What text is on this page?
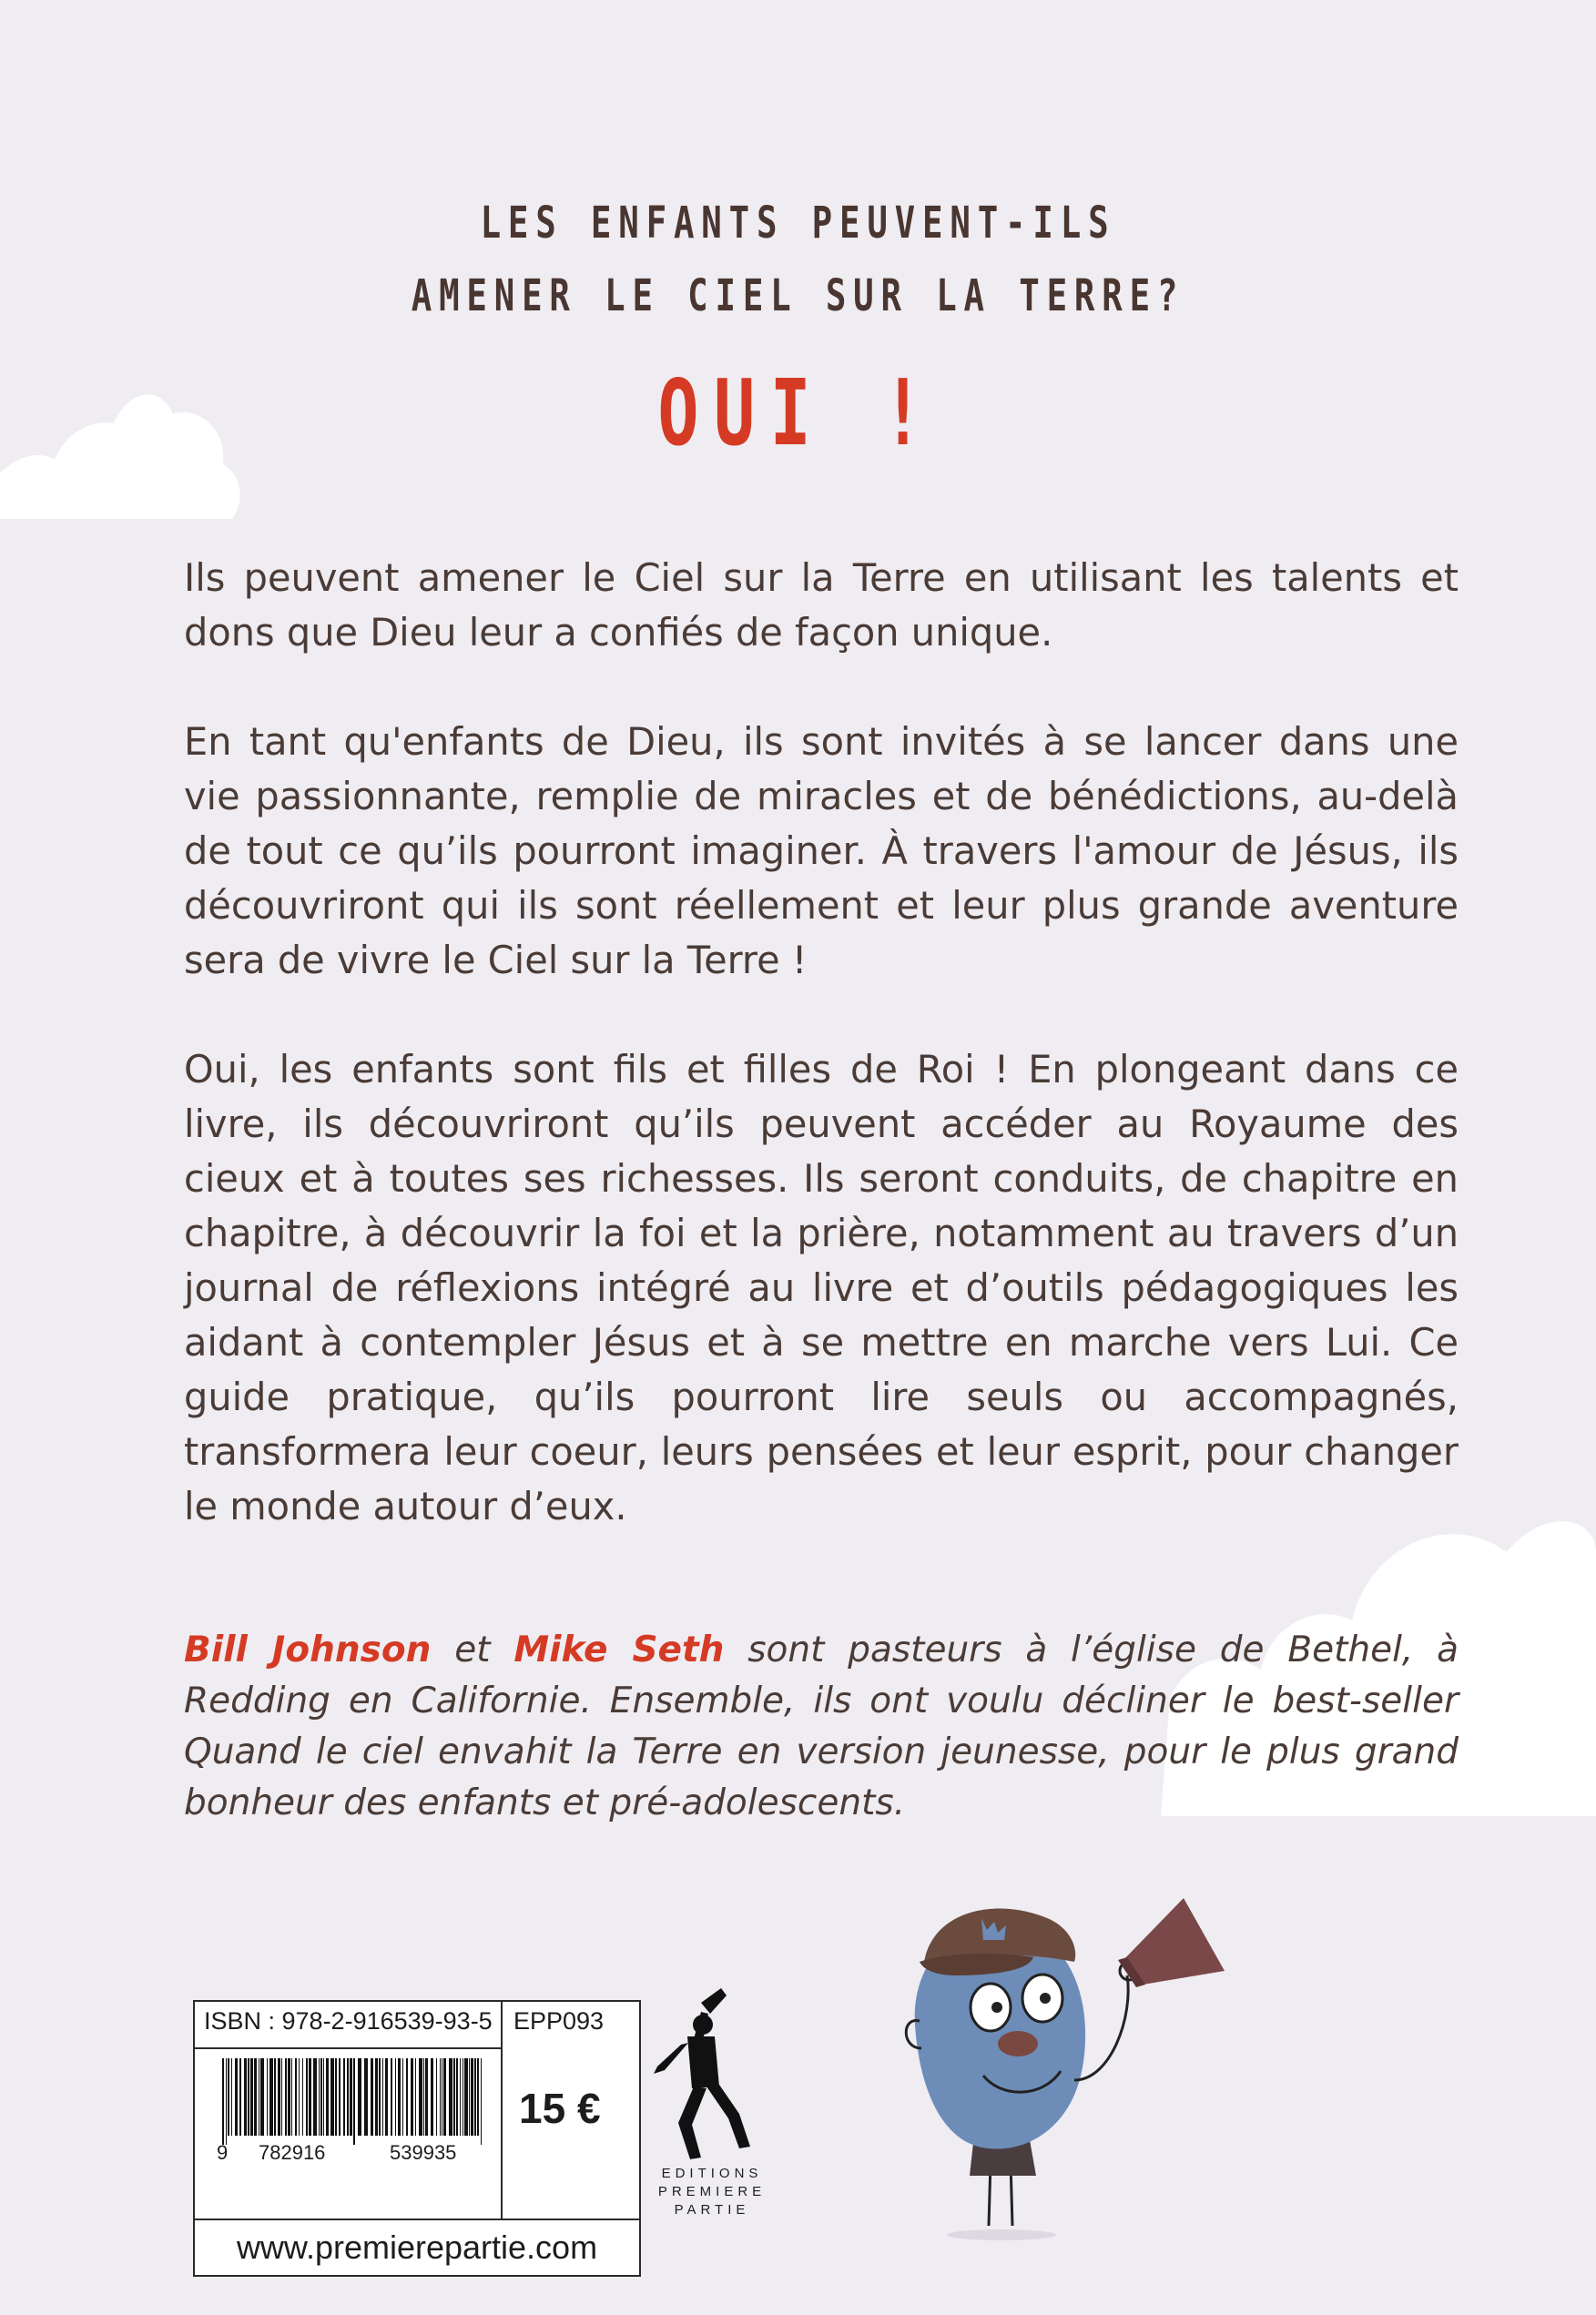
LES ENFANTS PEUVENT-ILS
AMENER LE CIEL SUR LA TERRE?
OUI !

Ils peuvent amener le Ciel sur la Terre en utilisant les talents et dons que Dieu leur a confiés de façon unique.

En tant qu'enfants de Dieu, ils sont invités à se lancer dans une vie passionnante, remplie de miracles et de bénédictions, au-delà de tout ce qu’ils pourront imaginer. À travers l'amour de Jésus, ils découvriront qui ils sont réellement et leur plus grande aventure sera de vivre le Ciel sur la Terre !

Oui, les enfants sont fils et filles de Roi ! En plongeant dans ce livre, ils découvriront qu’ils peuvent accéder au Royaume des cieux et à toutes ses richesses. Ils seront conduits, de chapitre en chapitre, à découvrir la foi et la prière, notamment au travers d’un journal de réflexions intégré au livre et d’outils pédagogiques les aidant à contempler Jésus et à se mettre en marche vers Lui. Ce guide pratique, qu’ils pourront lire seuls ou accompagnés, transformera leur coeur, leurs pensées et leur esprit, pour changer le monde autour d’eux.

Bill Johnson et Mike Seth sont pasteurs à l’église de Bethel, à Redding en Californie. Ensemble, ils ont voulu décliner le best-seller Quand le ciel envahit la Terre en version jeunesse, pour le plus grand bonheur des enfants et pré-adolescents.
ISBN : 978-2-916539-93-5 EPP093
15 €
9 782916	539935
www.premierepartie.com
EDITIONS
PREMIERE
PARTIE
